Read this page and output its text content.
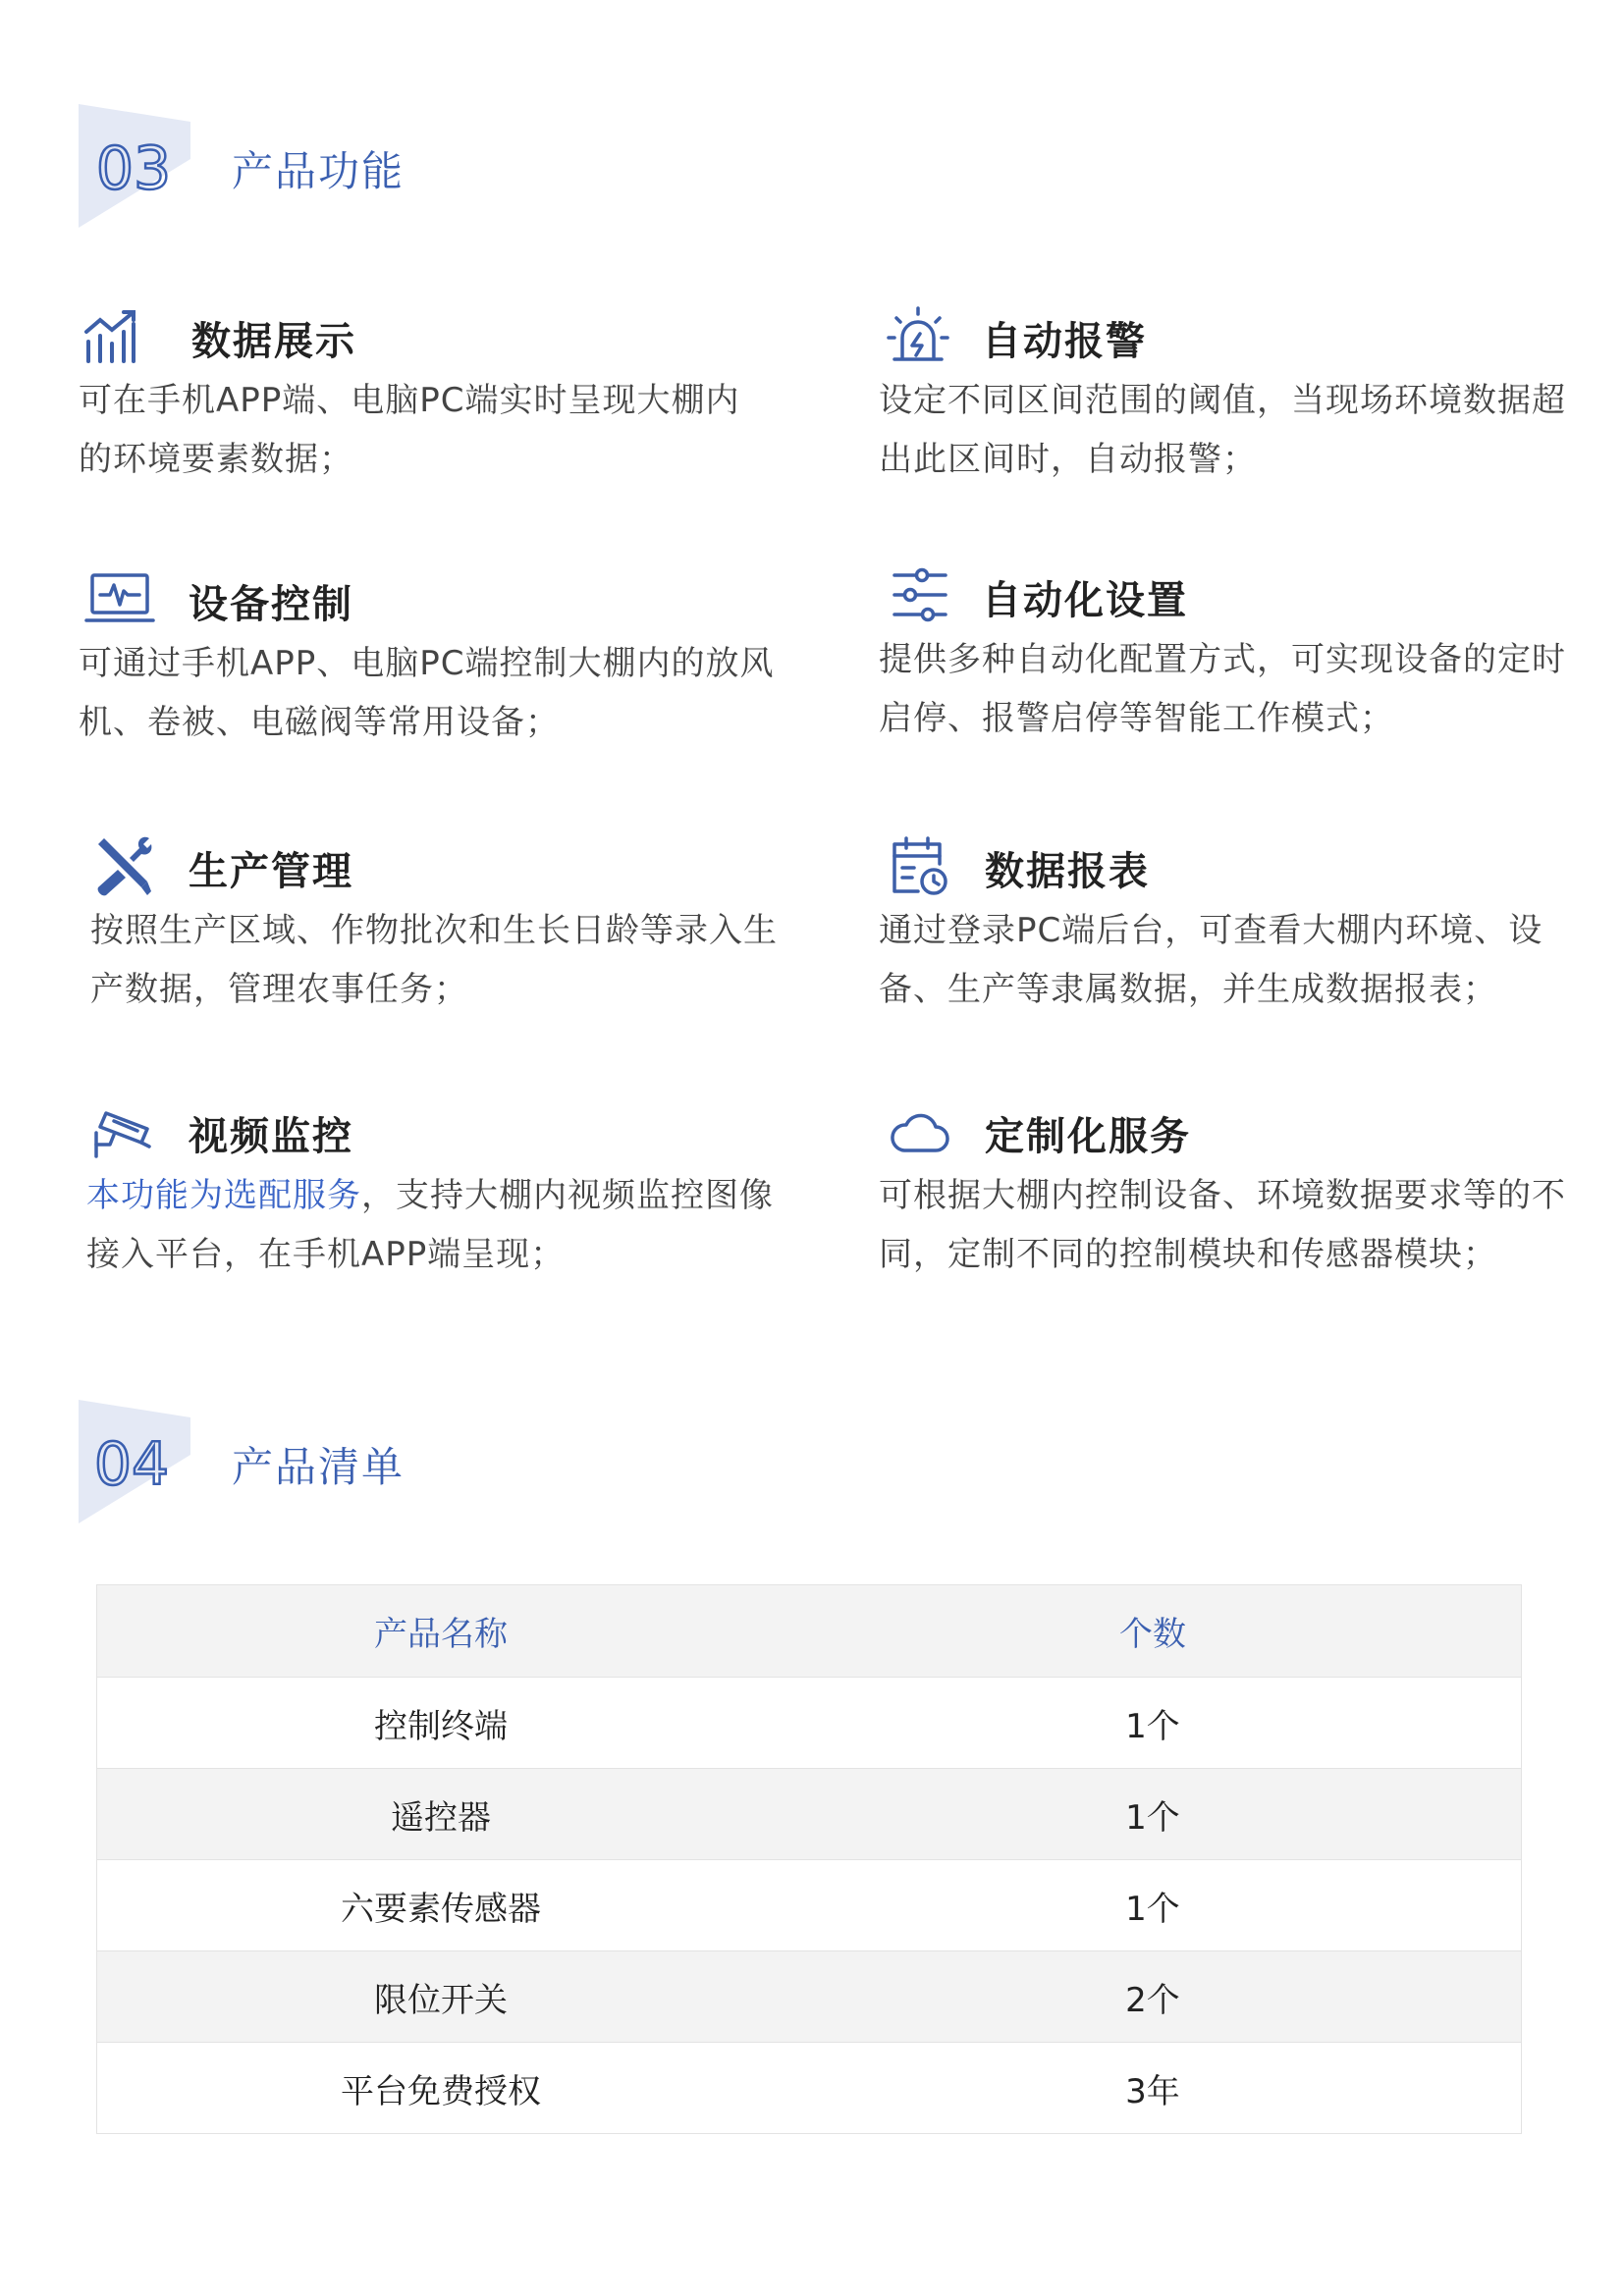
03 产品功能
数据展示
可在手机APP端、电脑PC端实时呈现大棚内的环境要素数据；
自动报警
设定不同区间范围的阈值，当现场环境数据超出此区间时，自动报警；
设备控制
可通过手机APP、电脑PC端控制大棚内的放风机、卷被、电磁阀等常用设备；
自动化设置
提供多种自动化配置方式，可实现设备的定时启停、报警启停等智能工作模式；
生产管理
按照生产区域、作物批次和生长日龄等录入生产数据，管理农事任务；
数据报表
通过登录PC端后台，可查看大棚内环境、设备、生产等隶属数据，并生成数据报表；
视频监控
本功能为选配服务，支持大棚内视频监控图像接入平台，在手机APP端呈现；
定制化服务
可根据大棚内控制设备、环境数据要求等的不同，定制不同的控制模块和传感器模块；
04 产品清单
产品名称	个数
控制终端	1个
遥控器	1个
六要素传感器	1个
限位开关	2个
平台免费授权	3年
